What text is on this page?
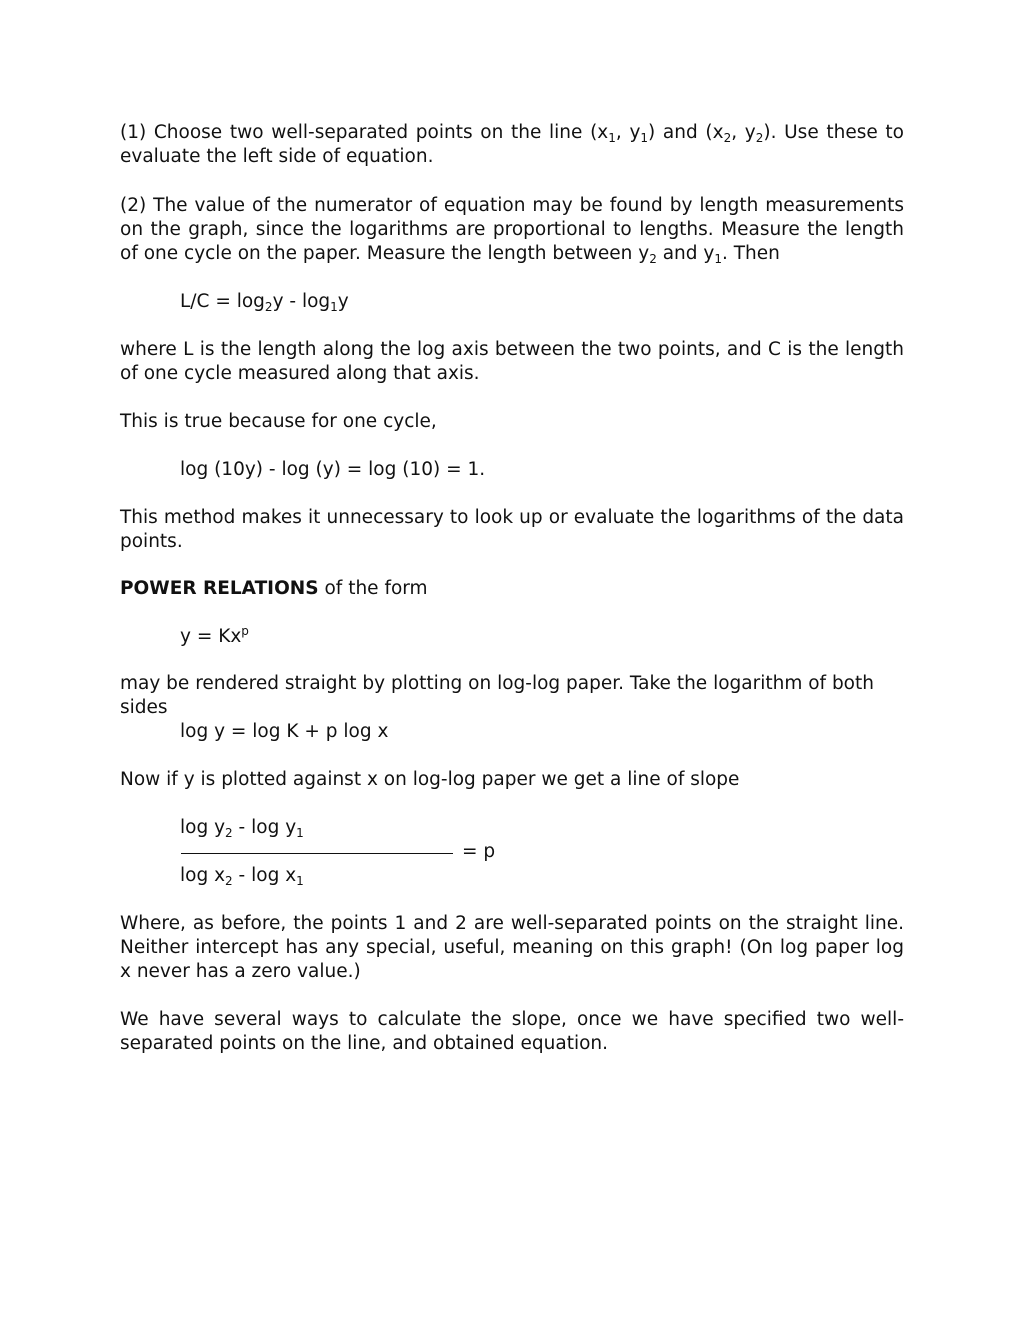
(1) Choose two well-separated points on the line ($x_1$, $y_1$) and ($x_2$, $y_2$). Use these to evaluate the left side of equation.

(2) The value of the numerator of equation may be found by length measurements on the graph, since the logarithms are proportional to lengths. Measure the length of one cycle on the paper. Measure the length between $y_2$ and $y_1$. Then

$L/C = \log_2y - \log_1y$

where L is the length along the log axis between the two points, and C is the length of one cycle measured along that axis.

This is true because for one cycle,

log (10y) - log (y) = log (10) = 1.

This method makes it unnecessary to look up or evaluate the logarithms of the data points.

POWER RELATIONS of the form

$y = Kx^p$

may be rendered straight by plotting on log-log paper. Take the logarithm of both sides

log y = log K + p log x

Now if y is plotted against x on log-log paper we get a line of slope

$\log y_2$ - $\log y_1$

= p

$\log x_2$ - $\log x_1$

Where, as before, the points 1 and 2 are well-separated points on the straight line. Neither intercept has any special, useful, meaning on this graph! (On log paper log x never has a zero value.)

We have several ways to calculate the slope, once we have specified two well-separated points on the line, and obtained equation.
